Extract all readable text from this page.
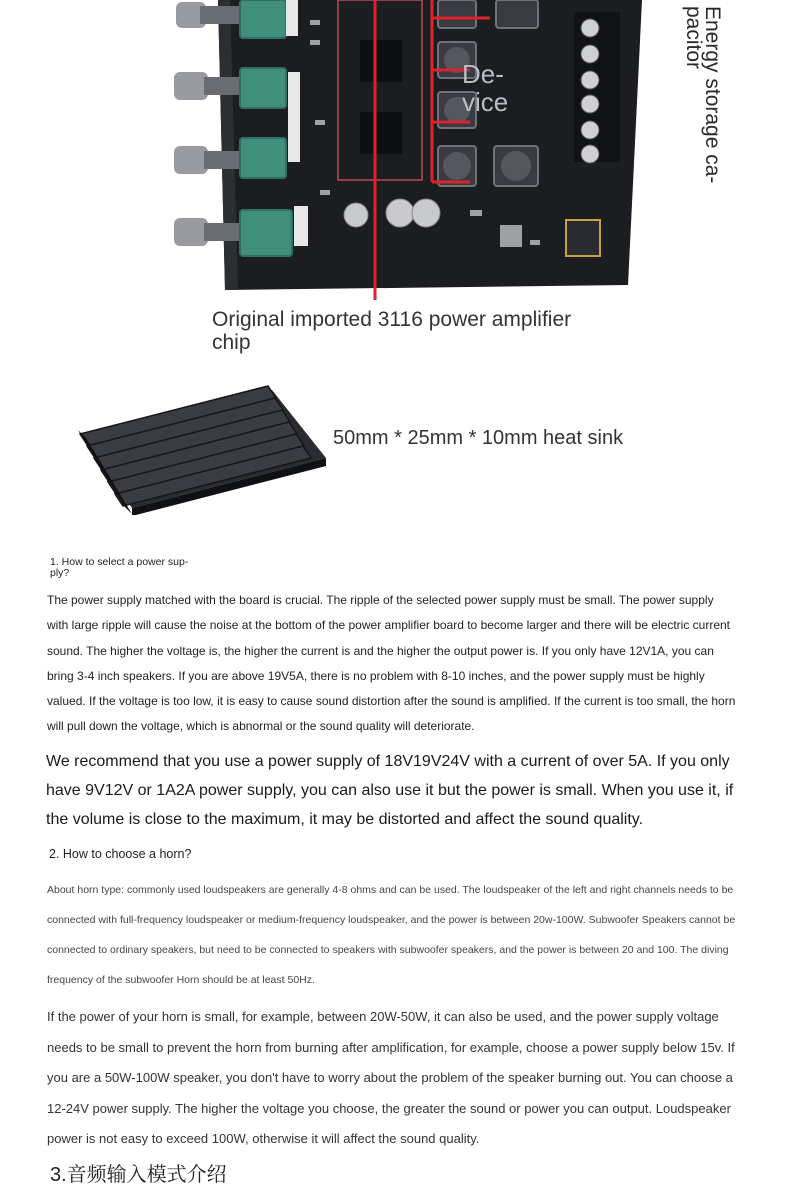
De-
vice
Energy storage ca-
pacitor
Original imported 3116 power amplifier chip
50mm * 25mm * 10mm heat sink
1. How to select a power sup-
ply?
The power supply matched with the board is crucial. The ripple of the selected power supply must be small. The power supply with large ripple will cause the noise at the bottom of the power amplifier board to become larger and there will be electric current sound. The higher the voltage is, the higher the current is and the higher the output power is. If you only have 12V1A, you can bring 3-4 inch speakers. If you are above 19V5A, there is no problem with 8-10 inches, and the power supply must be highly valued. If the voltage is too low, it is easy to cause sound distortion after the sound is amplified. If the current is too small, the horn will pull down the voltage, which is abnormal or the sound quality will deteriorate.
We recommend that you use a power supply of 18V19V24V with a current of over 5A. If you only have 9V12V or 1A2A power supply, you can also use it but the power is small. When you use it, if the volume is close to the maximum, it may be distorted and affect the sound quality.
2. How to choose a horn?
About horn type: commonly used loudspeakers are generally 4-8 ohms and can be used. The loudspeaker of the left and right channels needs to be connected with full-frequency loudspeaker or medium-frequency loudspeaker, and the power is between 20w-100W. Subwoofer Speakers cannot be connected to ordinary speakers, but need to be connected to speakers with subwoofer speakers, and the power is between 20 and 100. The diving frequency of the subwoofer Horn should be at least 50Hz.
If the power of your horn is small, for example, between 20W-50W, it can also be used, and the power supply voltage needs to be small to prevent the horn from burning after amplification, for example, choose a power supply below 15v. If you are a 50W-100W speaker, you don't have to worry about the problem of the speaker burning out. You can choose a 12-24V power supply. The higher the voltage you choose, the greater the sound or power you can output. Loudspeaker power is not easy to exceed 100W, otherwise it will affect the sound quality.
3.音频输入模式介绍
